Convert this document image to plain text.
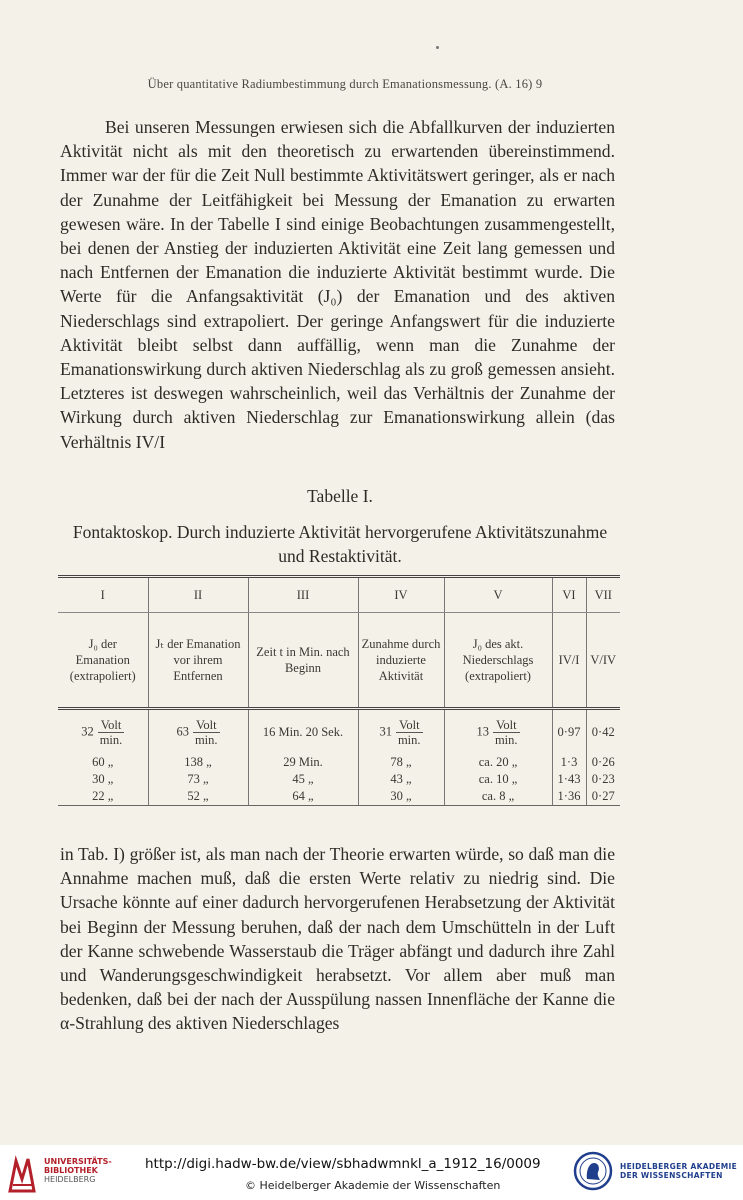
Über quantitative Radiumbestimmung durch Emanationsmessung. (A. 16) 9

Bei unseren Messungen erwiesen sich die Abfallkurven der induzierten Aktivität nicht als mit den theoretisch zu erwartenden übereinstimmend. Immer war der für die Zeit Null bestimmte Aktivitätswert geringer, als er nach der Zunahme der Leitfähigkeit bei Messung der Emanation zu erwarten gewesen wäre. In der Tabelle I sind einige Beobachtungen zusammengestellt, bei denen der Anstieg der induzierten Aktivität eine Zeit lang gemessen und nach Entfernen der Emanation die induzierte Aktivität bestimmt wurde. Die Werte für die Anfangsaktivität (J₀) der Emanation und des aktiven Niederschlags sind extrapoliert. Der geringe Anfangswert für die induzierte Aktivität bleibt selbst dann auffällig, wenn man die Zunahme der Emanationswirkung durch aktiven Niederschlag als zu groß gemessen ansieht. Letzteres ist deswegen wahrscheinlich, weil das Verhältnis der Zunahme der Wirkung durch aktiven Niederschlag zur Emanationswirkung allein (das Verhältnis IV/I

Tabelle I.
Fontaktoskop. Durch induzierte Aktivität hervorgerufene Aktivitätszunahme und Restaktivität.
I	II	III	IV	V	VI	VII
J₀ der Emanation (extrapoliert)	Jₜ der Emanation vor ihrem Entfernen	Zeit t in Min. nach Beginn	Zunahme durch induzierte Aktivität	J₀ des akt. Niederschlags (extrapoliert)	IV/I	V/IV
$32 \frac{\text{Volt}}{\min.}$	$63 \frac{\text{Volt}}{\min.}$	16 Min. 20 Sek.	$31 \frac{\text{Volt}}{\min.}$	$13 \frac{\text{Volt}}{\min.}$	0·97	0·42
60 „	138 „	29 Min.	78 „	ca. 20 „	1·3	0·26
30 „	73 „	45 „	43 „	ca. 10 „	1·43	0·23
22 „	52 „	64 „	30 „	ca. 8 „	1·36	0·27

in Tab. I) größer ist, als man nach der Theorie erwarten würde, so daß man die Annahme machen muß, daß die ersten Werte relativ zu niedrig sind. Die Ursache könnte auf einer dadurch hervorgerufenen Herabsetzung der Aktivität bei Beginn der Messung beruhen, daß der nach dem Umschütteln in der Luft der Kanne schwebende Wasserstaub die Träger abfängt und dadurch ihre Zahl und Wanderungsgeschwindigkeit herabsetzt. Vor allem aber muß man bedenken, daß bei der nach der Ausspülung nassen Innenfläche der Kanne die α-Strahlung des aktiven Niederschlages

UNIVERSITÄTS-
BIBLIOTHEK
HEIDELBERG
http://digi.hadw-bw.de/view/sbhadwmnkl_a_1912_16/0009
© Heidelberger Akademie der Wissenschaften
HEIDELBERGER AKADEMIE
DER WISSENSCHAFTEN
